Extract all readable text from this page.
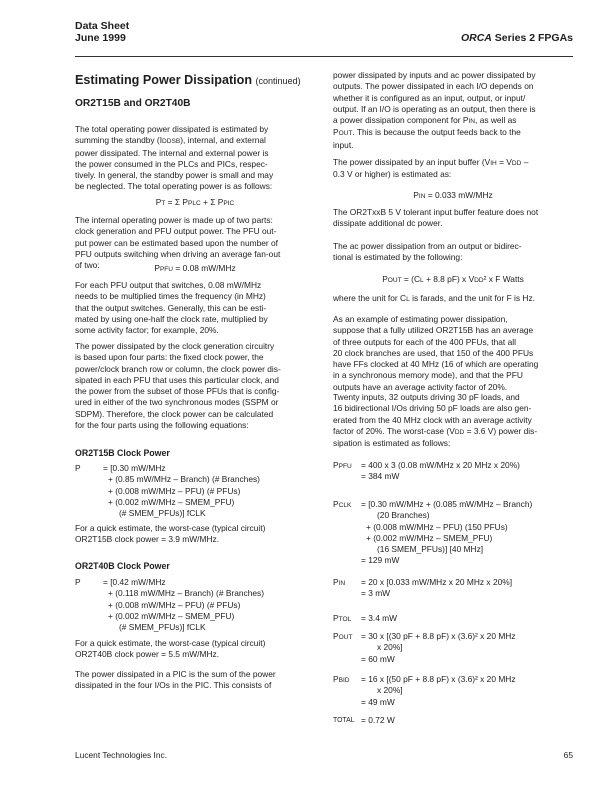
Data Sheet
June 1999	ORCA Series 2 FPGAs
Estimating Power Dissipation (continued)
OR2T15B and OR2T40B
The total operating power dissipated is estimated by
summing the standby (IDDSB), internal, and external
power dissipated. The internal and external power is
the power consumed in the PLCs and PICs, respec-
tively. In general, the standby power is small and may
be neglected. The total operating power is as follows:
PT = Σ PPLC + Σ PPIC
The internal operating power is made up of two parts:
clock generation and PFU output power. The PFU out-
put power can be estimated based upon the number of
PFU outputs switching when driving an average fan-out
of two:	PPFU = 0.08 mW/MHz
For each PFU output that switches, 0.08 mW/MHz
needs to be multiplied times the frequency (in MHz)
that the output switches. Generally, this can be esti-
mated by using one-half the clock rate, multiplied by
some activity factor; for example, 20%.
The power dissipated by the clock generation circuitry
is based upon four parts: the fixed clock power, the
power/clock branch row or column, the clock power dis-
sipated in each PFU that uses this particular clock, and
the power from the subset of those PFUs that is config-
ured in either of the two synchronous modes (SSPM or
SDPM). Therefore, the clock power can be calculated
for the four parts using the following equations:
OR2T15B Clock Power
P	= [0.30 mW/MHz
+ (0.85 mW/MHz – Branch) (# Branches)
+ (0.008 mW/MHz – PFU) (# PFUs)
+ (0.002 mW/MHz – SMEM_PFU)
(# SMEM_PFUs)] fCLK
For a quick estimate, the worst-case (typical circuit)
OR2T15B clock power = 3.9 mW/MHz.
OR2T40B Clock Power
P	= [0.42 mW/MHz
+ (0.118 mW/MHz – Branch) (# Branches)
+ (0.008 mW/MHz – PFU) (# PFUs)
+ (0.002 mW/MHz – SMEM_PFU)
(# SMEM_PFUs)] fCLK
For a quick estimate, the worst-case (typical circuit)
OR2T40B clock power = 5.5 mW/MHz.
The power dissipated in a PIC is the sum of the power
dissipated in the four I/Os in the PIC. This consists of
power dissipated by inputs and ac power dissipated by
outputs. The power dissipated in each I/O depends on
whether it is configured as an input, output, or input/
output. If an I/O is operating as an output, then there is
a power dissipation component for PIN, as well as
POUT. This is because the output feeds back to the
input.
The power dissipated by an input buffer (VIH = VDD –
0.3 V or higher) is estimated as:
PIN = 0.033 mW/MHz
The OR2TxxB 5 V tolerant input buffer feature does not
dissipate additional dc power.
The ac power dissipation from an output or bidirec-
tional is estimated by the following:
POUT = (CL + 8.8 pF) x VDD² x F Watts
where the unit for CL is farads, and the unit for F is Hz.
As an example of estimating power dissipation,
suppose that a fully utilized OR2T15B has an average
of three outputs for each of the 400 PFUs, that all
20 clock branches are used, that 150 of the 400 PFUs
have FFs clocked at 40 MHz (16 of which are operating
in a synchronous memory mode), and that the PFU
outputs have an average activity factor of 20%.
Twenty inputs, 32 outputs driving 30 pF loads, and
16 bidirectional I/Os driving 50 pF loads are also gen-
erated from the 40 MHz clock with an average activity
factor of 20%. The worst-case (VDD = 3.6 V) power dis-
sipation is estimated as follows:
PPFU	= 400 x 3 (0.08 mW/MHz x 20 MHz x 20%)
= 384 mW
PCLK	= [0.30 mW/MHz + (0.085 mW/MHz – Branch)
(20 Branches)
+ (0.008 mW/MHz – PFU) (150 PFUs)
+ (0.002 mW/MHz – SMEM_PFU)
(16 SMEM_PFUs)] [40 MHz]
= 129 mW
PIN	= 20 x [0.033 mW/MHz x 20 MHz x 20%]
= 3 mW
PTOL	= 3.4 mW
POUT	= 30 x [(30 pF + 8.8 pF) x (3.6)² x 20 MHz
x 20%]
= 60 mW
PBID	= 16 x [(50 pF + 8.8 pF) x (3.6)² x 20 MHz
x 20%]
= 49 mW
TOTAL = 0.72 W
Lucent Technologies Inc.	65
